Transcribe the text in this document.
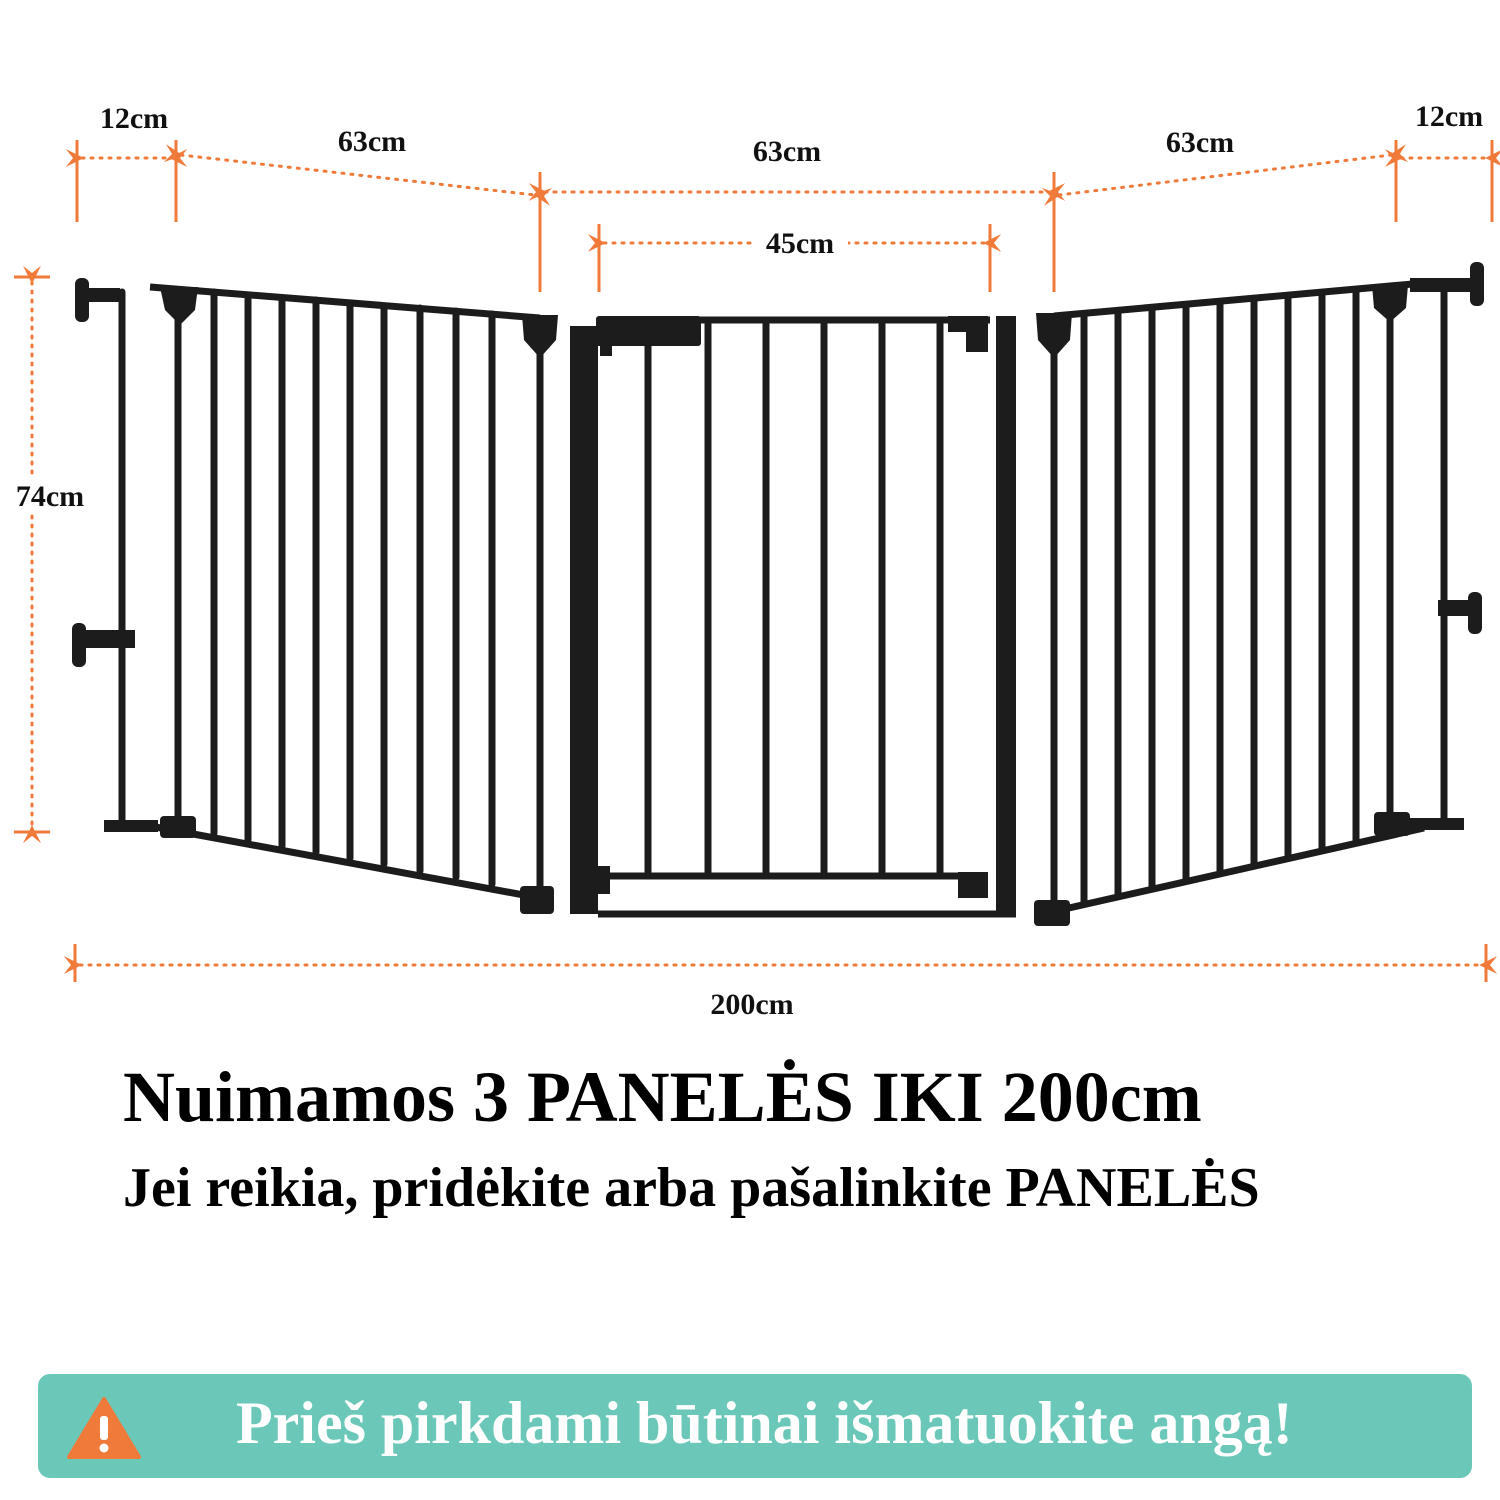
12cm
63cm	63cm	63cm
12cm
45cm
74cm
200cm
Nuimamos 3 PANELĖS IKI 200cm
Jei reikia, pridėkite arba pašalinkite PANELĖS
Prieš pirkdami būtinai išmatuokite angą!
